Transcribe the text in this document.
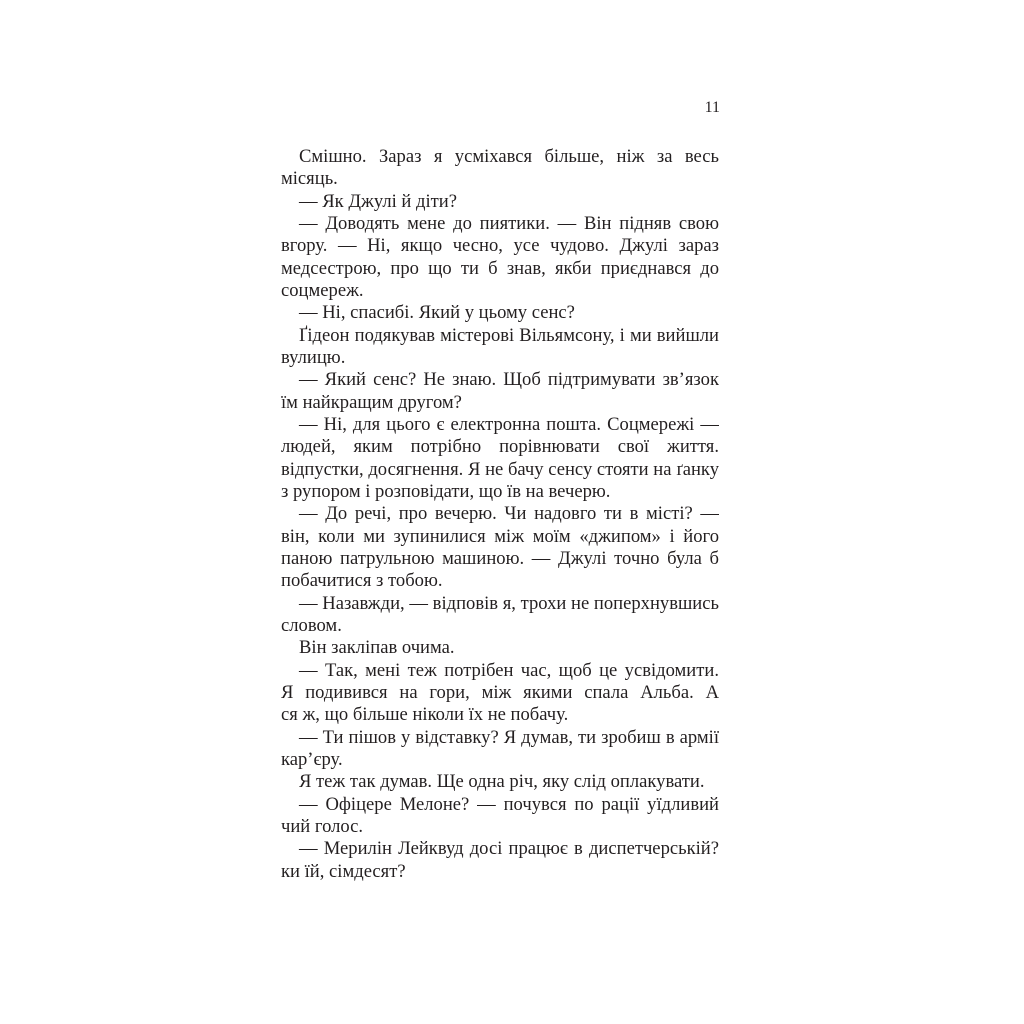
11
Смішно. Зараз я усміхався більше, ніж за весь
місяць.
— Як Джулі й діти?
— Доводять мене до пиятики. — Він підняв свою
вгору. — Ні, якщо чесно, усе чудово. Джулі зараз
медсестрою, про що ти б знав, якби приєднався до
соцмереж.
— Ні, спасибі. Який у цьому сенс?
Ґідеон подякував містерові Вільямсону, і ми вийшли
вулицю.
— Який сенс? Не знаю. Щоб підтримувати зв’язок
їм найкращим другом?
— Ні, для цього є електронна пошта. Соцмережі —
людей, яким потрібно порівнювати свої життя.
відпустки, досягнення. Я не бачу сенсу стояти на ґанку
з рупором і розповідати, що їв на вечерю.
— До речі, про вечерю. Чи надовго ти в місті? —
він, коли ми зупинилися між моїм «джипом» і його
паною патрульною машиною. — Джулі точно була б
побачитися з тобою.
— Назавжди, — відповів я, трохи не поперхнувшись
словом.
Він закліпав очима.
— Так, мені теж потрібен час, щоб це усвідомити.
Я подивився на гори, між якими спала Альба. А
ся ж, що більше ніколи їх не побачу.
— Ти пішов у відставку? Я думав, ти зробиш в армії
кар’єру.
Я теж так думав. Ще одна річ, яку слід оплакувати.
— Офіцере Мелоне? — почувся по рації уїдливий
чий голос.
— Мерилін Лейквуд досі працює в диспетчерській?
ки їй, сімдесят?
